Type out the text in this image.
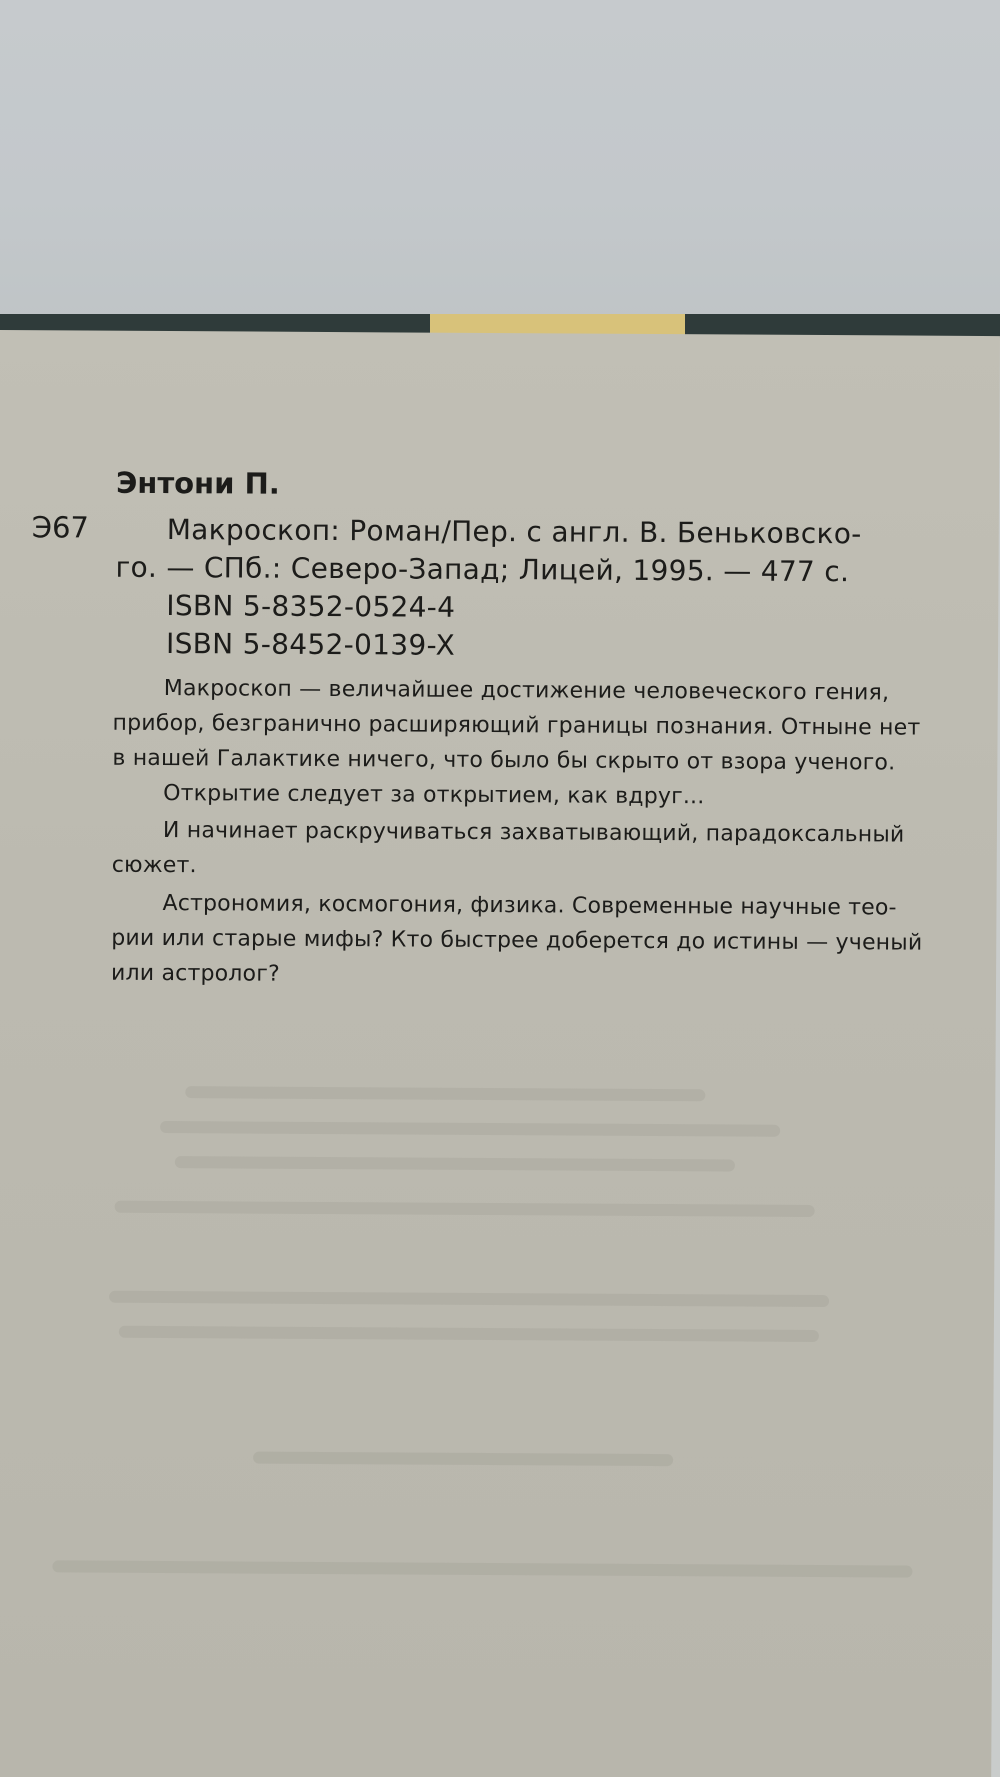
Энтони П.
Э67	Макроскоп: Роман/Пер. с англ. В. Беньковско-
го. — СПб.: Северо-Запад; Лицей, 1995. — 477 с.
ISBN 5-8352-0524-4
ISBN 5-8452-0139-X
Макроскоп — величайшее достижение человеческого гения,
прибор, безгранично расширяющий границы познания. Отныне нет
в нашей Галактике ничего, что было бы скрыто от взора ученого.
Открытие следует за открытием, как вдруг...
И начинает раскручиваться захватывающий, парадоксальный
сюжет.
Астрономия, космогония, физика. Современные научные тео-
рии или старые мифы? Кто быстрее доберется до истины — ученый
или астролог?
